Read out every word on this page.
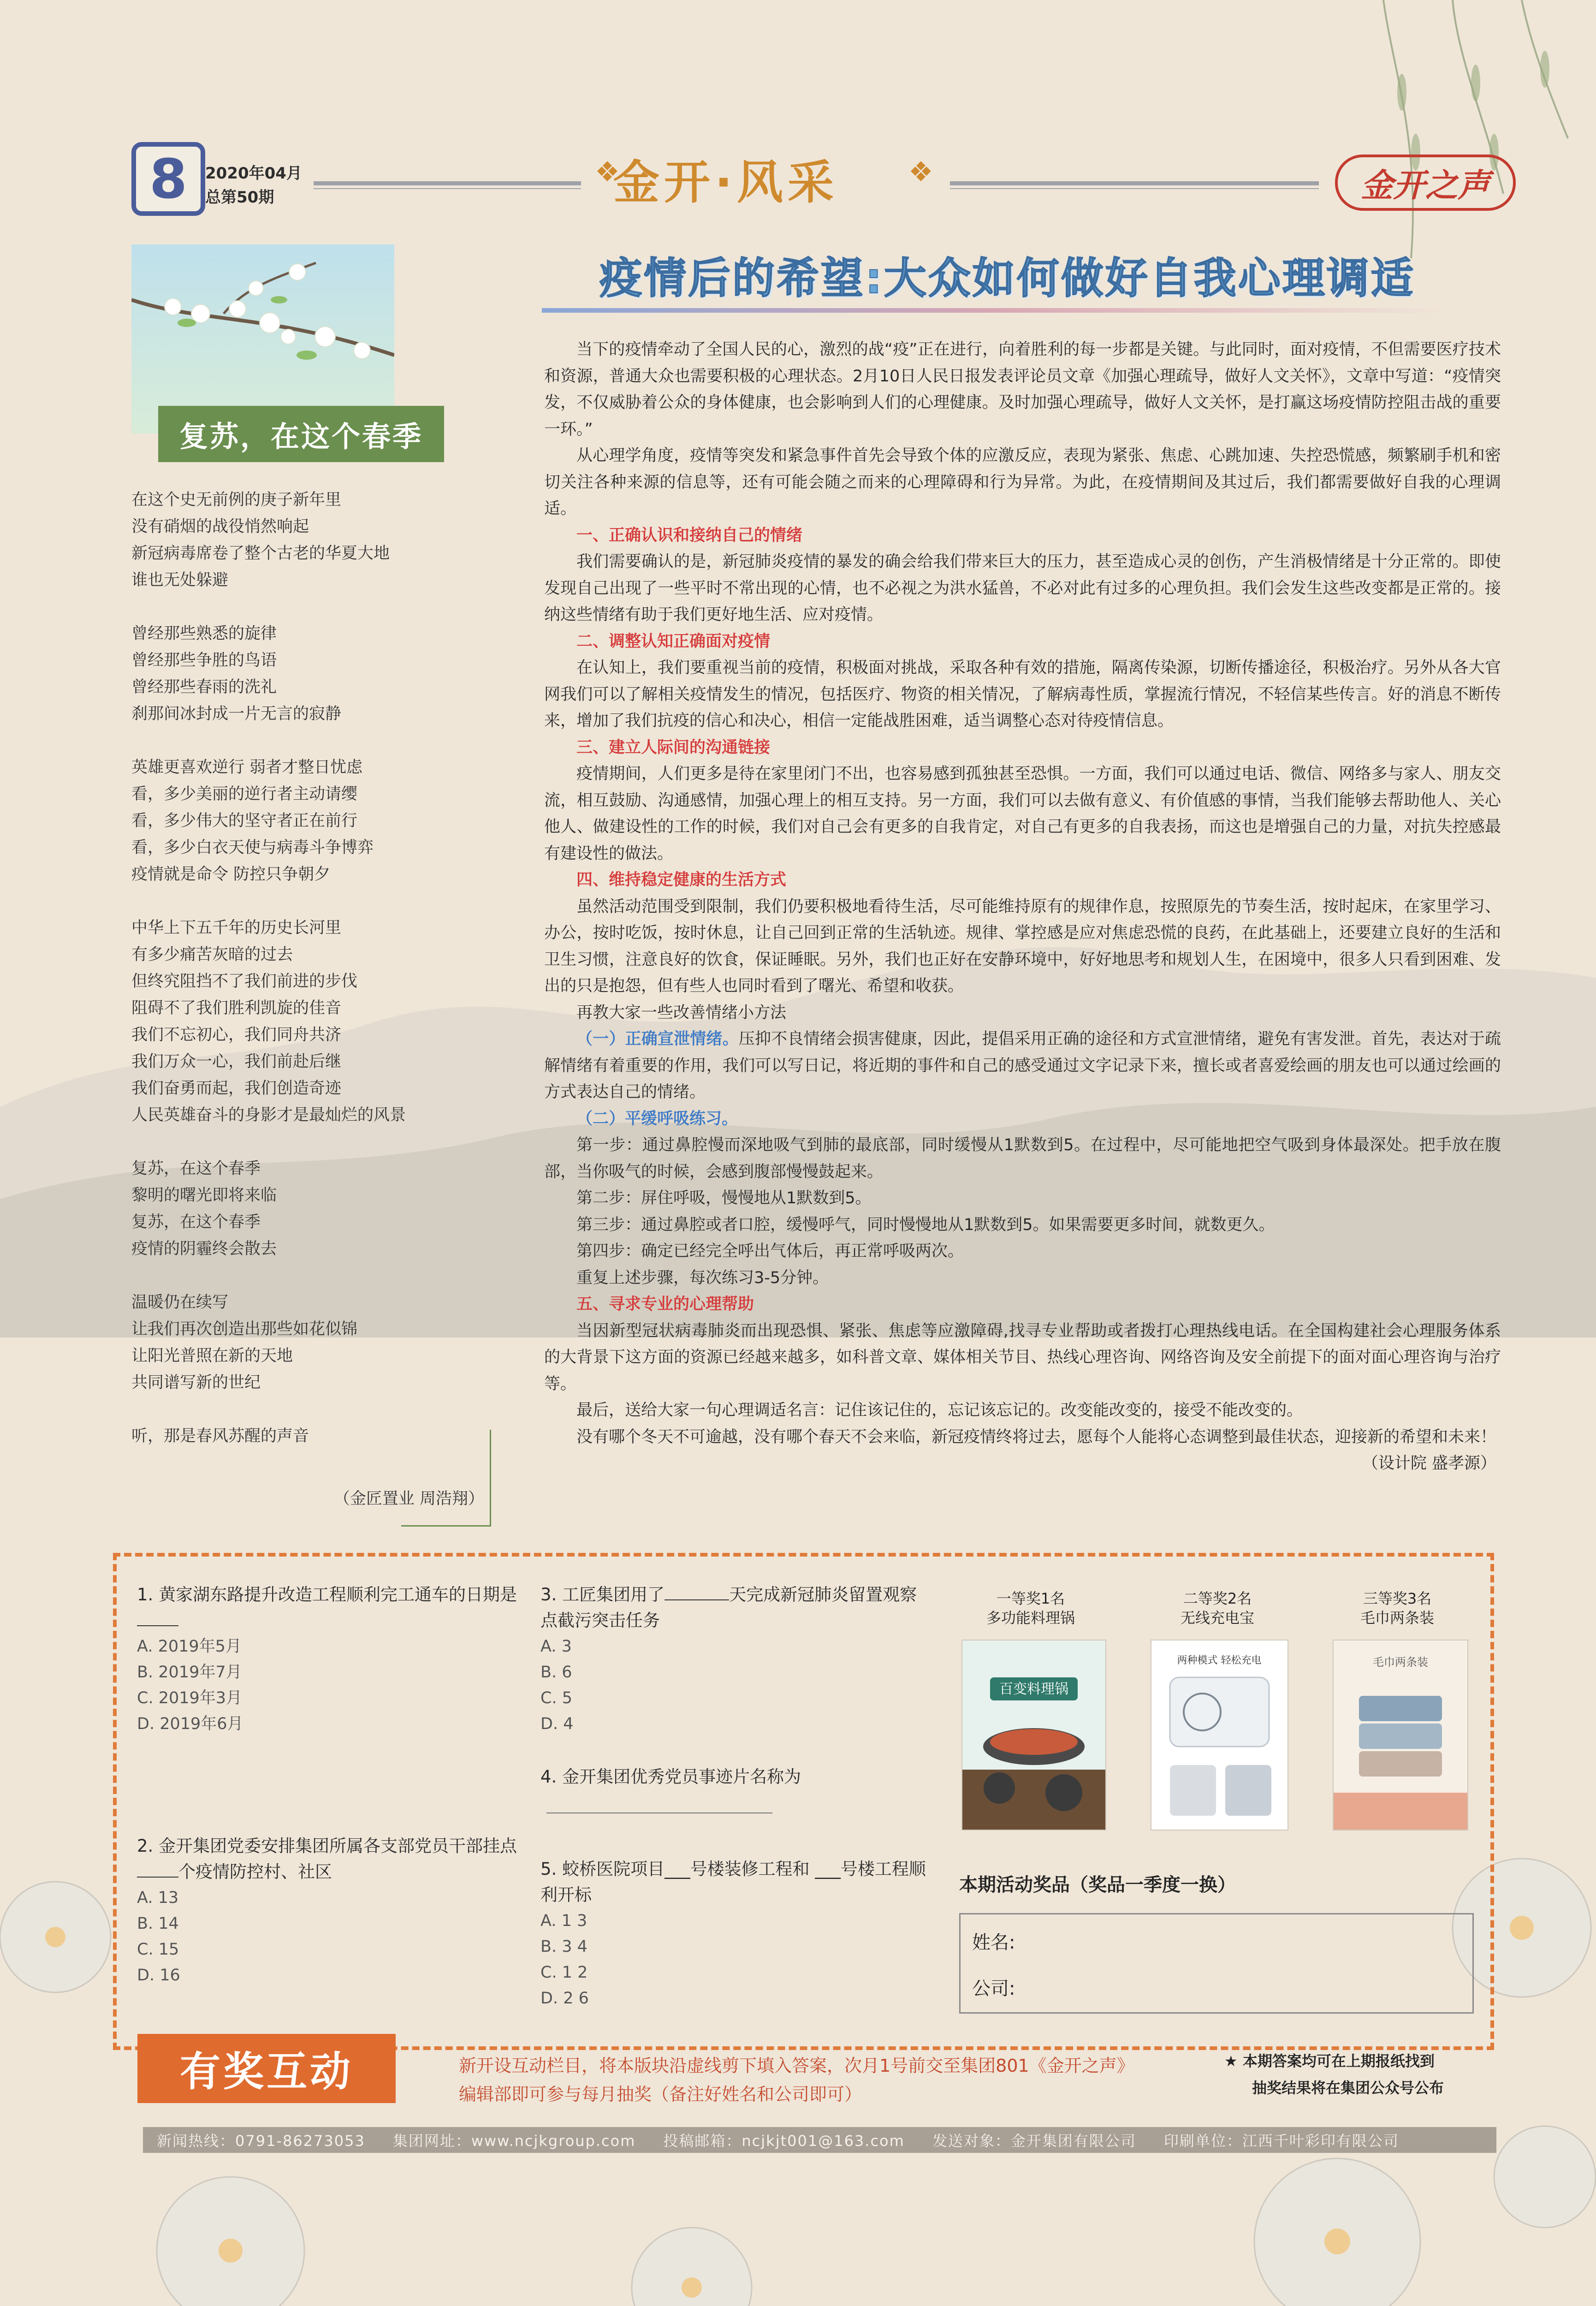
8	2020年04月
总第50期
❖
金开·风采	❖	金开之声
疫情后的希望:大众如何做好自我心理调适
复苏，在这个春季
在这个史无前例的庚子新年里
没有硝烟的战役悄然响起
新冠病毒席卷了整个古老的华夏大地
谁也无处躲避
曾经那些熟悉的旋律
曾经那些争胜的鸟语
曾经那些春雨的洗礼
刹那间冰封成一片无言的寂静
英雄更喜欢逆行 弱者才整日忧虑
看，多少美丽的逆行者主动请缨
看，多少伟大的坚守者正在前行
看，多少白衣天使与病毒斗争博弈
疫情就是命令 防控只争朝夕
中华上下五千年的历史长河里
有多少痛苦灰暗的过去
但终究阻挡不了我们前进的步伐
阻碍不了我们胜利凯旋的佳音
我们不忘初心，我们同舟共济
我们万众一心，我们前赴后继
我们奋勇而起，我们创造奇迹
人民英雄奋斗的身影才是最灿烂的风景
复苏，在这个春季
黎明的曙光即将来临
复苏，在这个春季
疫情的阴霾终会散去
温暖仍在续写
让我们再次创造出那些如花似锦
让阳光普照在新的天地
共同谱写新的世纪
听，那是春风苏醒的声音
（金匠置业 周浩翔）

当下的疫情牵动了全国人民的心，激烈的战“疫”正在进行，向着胜利的每一步都是关键。与此同时，面对疫情，不但需要医疗技术和资源，普通大众也需要积极的心理状态。2月10日人民日报发表评论员文章《加强心理疏导，做好人文关怀》，文章中写道：“疫情突发，不仅威胁着公众的身体健康，也会影响到人们的心理健康。及时加强心理疏导，做好人文关怀，是打赢这场疫情防控阻击战的重要一环。”

从心理学角度，疫情等突发和紧急事件首先会导致个体的应激反应，表现为紧张、焦虑、心跳加速、失控恐慌感，频繁刷手机和密切关注各种来源的信息等，还有可能会随之而来的心理障碍和行为异常。为此，在疫情期间及其过后，我们都需要做好自我的心理调适。

一、正确认识和接纳自己的情绪

我们需要确认的是，新冠肺炎疫情的暴发的确会给我们带来巨大的压力，甚至造成心灵的创伤，产生消极情绪是十分正常的。即使发现自己出现了一些平时不常出现的心情，也不必视之为洪水猛兽，不必对此有过多的心理负担。我们会发生这些改变都是正常的。接纳这些情绪有助于我们更好地生活、应对疫情。

二、调整认知正确面对疫情

在认知上，我们要重视当前的疫情，积极面对挑战，采取各种有效的措施，隔离传染源，切断传播途径，积极治疗。另外从各大官网我们可以了解相关疫情发生的情况，包括医疗、物资的相关情况，了解病毒性质，掌握流行情况，不轻信某些传言。好的消息不断传来，增加了我们抗疫的信心和决心，相信一定能战胜困难，适当调整心态对待疫情信息。

三、建立人际间的沟通链接

疫情期间，人们更多是待在家里闭门不出，也容易感到孤独甚至恐惧。一方面，我们可以通过电话、微信、网络多与家人、朋友交流，相互鼓励、沟通感情，加强心理上的相互支持。另一方面，我们可以去做有意义、有价值感的事情，当我们能够去帮助他人、关心他人、做建设性的工作的时候，我们对自己会有更多的自我肯定，对自己有更多的自我表扬，而这也是增强自己的力量，对抗失控感最有建设性的做法。

四、维持稳定健康的生活方式

虽然活动范围受到限制，我们仍要积极地看待生活，尽可能维持原有的规律作息，按照原先的节奏生活，按时起床，在家里学习、办公，按时吃饭，按时休息，让自己回到正常的生活轨迹。规律、掌控感是应对焦虑恐慌的良药，在此基础上，还要建立良好的生活和卫生习惯，注意良好的饮食，保证睡眠。另外，我们也正好在安静环境中，好好地思考和规划人生，在困境中，很多人只看到困难、发出的只是抱怨，但有些人也同时看到了曙光、希望和收获。

再教大家一些改善情绪小方法

（一）正确宣泄情绪。压抑不良情绪会损害健康，因此，提倡采用正确的途径和方式宣泄情绪，避免有害发泄。首先，表达对于疏解情绪有着重要的作用，我们可以写日记，将近期的事件和自己的感受通过文字记录下来，擅长或者喜爱绘画的朋友也可以通过绘画的方式表达自己的情绪。

（二）平缓呼吸练习。

第一步：通过鼻腔慢而深地吸气到肺的最底部，同时缓慢从1默数到5。在过程中，尽可能地把空气吸到身体最深处。把手放在腹部，当你吸气的时候，会感到腹部慢慢鼓起来。

第二步：屏住呼吸，慢慢地从1默数到5。

第三步：通过鼻腔或者口腔，缓慢呼气，同时慢慢地从1默数到5。如果需要更多时间，就数更久。

第四步：确定已经完全呼出气体后，再正常呼吸两次。

重复上述步骤，每次练习3-5分钟。

五、寻求专业的心理帮助

当因新型冠状病毒肺炎而出现恐惧、紧张、焦虑等应激障碍,找寻专业帮助或者拨打心理热线电话。在全国构建社会心理服务体系的大背景下这方面的资源已经越来越多，如科普文章、媒体相关节目、热线心理咨询、网络咨询及安全前提下的面对面心理咨询与治疗等。

最后，送给大家一句心理调适名言：记住该记住的，忘记该忘记的。改变能改变的，接受不能改变的。

没有哪个冬天不可逾越，没有哪个春天不会来临，新冠疫情终将过去，愿每个人能将心态调整到最佳状态，迎接新的希望和未来！

（设计院 盛孝源）

1. 黄家湖东路提升改造工程顺利完工通车的日期是
A. 2019年5月
B. 2019年7月
C. 2019年3月
D. 2019年6月
2. 金开集团党委安排集团所属各支部党员干部挂点个疫情防控村、社区
A. 13
B. 14
C. 15
D. 16
3. 工匠集团用了	天完成新冠肺炎留置观察点截污突击任务
A. 3
B. 6
C. 5
D. 4
4. 金开集团优秀党员事迹片名称为
5. 蛟桥医院项目___号楼装修工程和 ___号楼工程顺利开标
A. 1 3
B. 3 4
C. 1 2
D. 2 6
一等奖1名
多功能料理锅
百变料理锅
二等奖2名
无线充电宝
两种模式 轻松充电
三等奖3名
毛巾两条装
毛巾两条装
本期活动奖品（奖品一季度一换）
姓名:
公司:
有奖互动	新开设互动栏目，将本版块沿虚线剪下填入答案，次月1号前交至集团801《金开之声》
编辑部即可参与每月抽奖（备注好姓名和公司即可）
★ 本期答案均可在上期报纸找到
抽奖结果将在集团公众号公布
新闻热线：0791-86273053 集团网址：www.ncjkgroup.com 投稿邮箱：ncjkjt001@163.com 发送对象：金开集团有限公司 印刷单位：江西千叶彩印有限公司
